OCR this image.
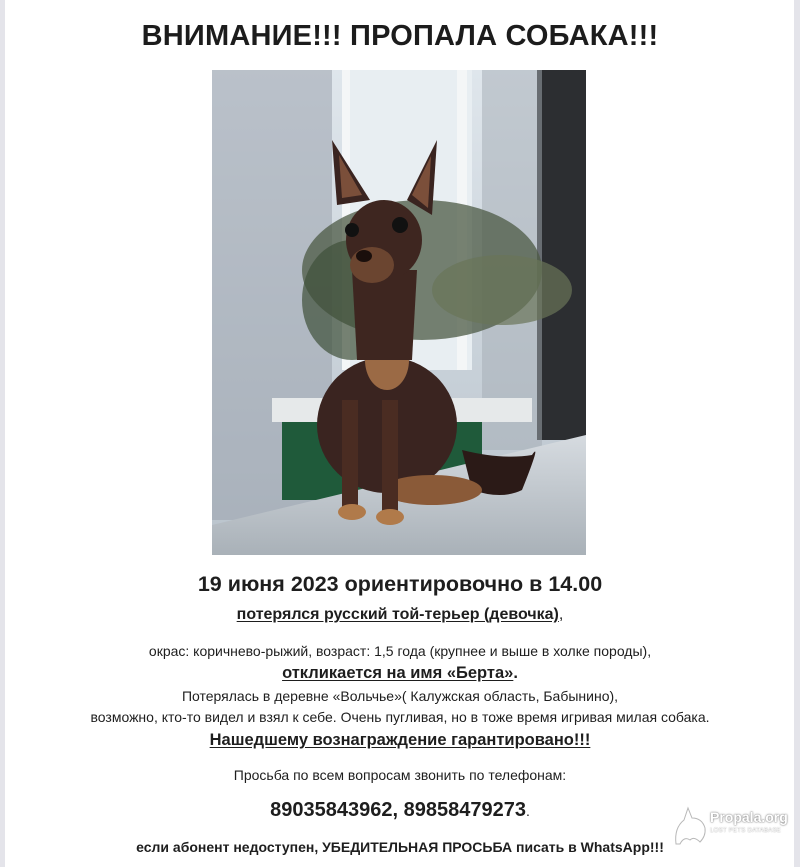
ВНИМАНИЕ!!! ПРОПАЛА СОБАКА!!!
19 июня 2023 ориентировочно в 14.00
потерялся русский той-терьер (девочка),
окрас: коричнево-рыжий, возраст: 1,5 года (крупнее и выше в холке породы),
откликается на имя «Берта».
Потерялась в деревне «Вольчье»( Калужская область, Бабынино),
возможно, кто-то видел и взял к себе. Очень пугливая, но в тоже время игривая милая собака.
Нашедшему вознаграждение гарантировано!!!
Просьба по всем вопросам звонить по телефонам:
89035843962, 89858479273.
если абонент недоступен, УБЕДИТЕЛЬНАЯ ПРОСЬБА писать в WhatsApp!!!
Propala.org
LOST PETS DATABASE
